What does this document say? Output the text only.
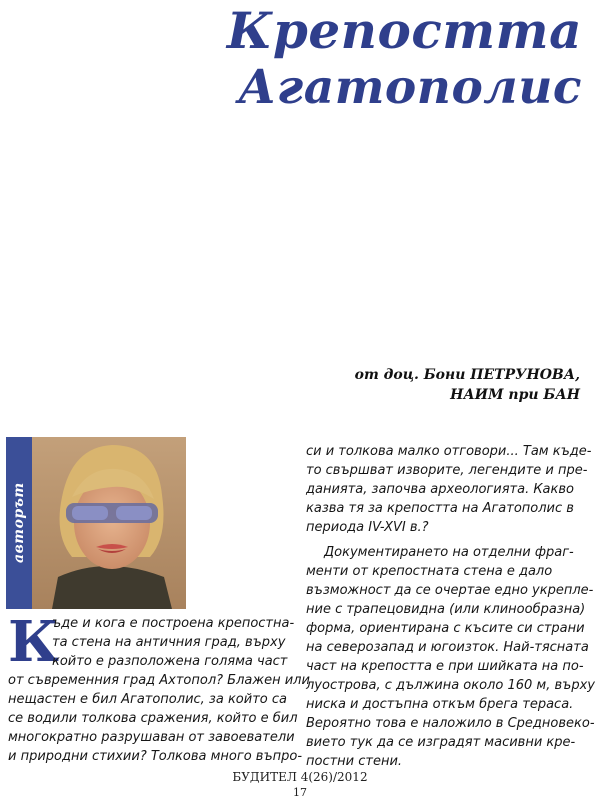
Крепостта
Агатополис
от доц. Бони ПЕТРУНОВА,
НАИМ при БАН
авторът
К
ъде и кога е построена крепостна-
та стена на античния град, върху
който е разположена голяма част
от съвременния град Ахтопол? Блажен или
нещастен е бил Агатополис, за който са
се водили толкова сражения, който е бил
многократно разрушаван от завоеватели
и природни стихии? Толкова много въпро-
си и толкова малко отговори... Там къде-
то свършват изворите, легендите и пре-
данията, започва археологията. Какво
казва тя за крепостта на Агатополис в
периода IV-XVI в.?
Документирането на отделни фраг-
менти от крепостната стена е дало
възможност да се очертае едно укрепле-
ние с трапецовидна (или клинообразна)
форма, ориентирана с късите си страни
на северозапад и югоизток. Най-тясната
част на крепостта е при шийката на по-
луострова, с дължина около 160 м, върху
ниска и достъпна откъм брега тераса.
Вероятно това е наложило в Средновеко-
вието тук да се изградят масивни кре-
постни стени.
БУДИТЕЛ 4(26)/2012
17
